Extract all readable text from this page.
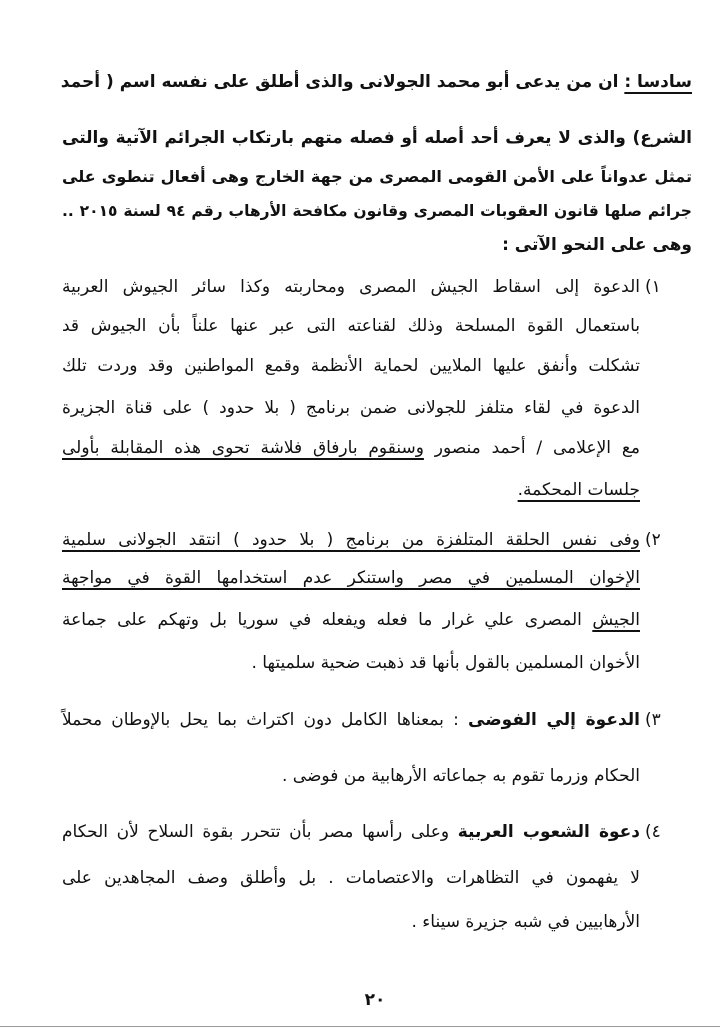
سادسا : ان من يدعى أبو محمد الجولانى والذى أطلق على نفسه اسم ( أحمد
الشرع) والذى لا يعرف أحد أصله أو فصله متهم بارتكاب الجرائم الآتية والتى
تمثل عدواناً على الأمن القومى المصرى من جهة الخارج وهى أفعال تنطوى على
جرائم صلها قانون العقوبات المصرى وقانون مكافحة الأرهاب رقم ٩٤ لسنة ٢٠١٥ ..
وهى على النحو الآتى :
١)
الدعوة إلى اسقاط الجيش المصرى ومحاربته وكذا سائر الجيوش العربية
باستعمال القوة المسلحة وذلك لقناعته التى عبر عنها علناً بأن الجيوش قد
تشكلت وأنفق عليها الملايين لحماية الأنظمة وقمع المواطنين وقد وردت تلك
الدعوة في لقاء متلفز للجولانى ضمن برنامج ( بلا حدود ) على قناة الجزيرة
مع الإعلامى / أحمد منصور وسنقوم بارفاق فلاشة تحوى هذه المقابلة بأولى
جلسات المحكمة.
٢)
وفى نفس الحلقة المتلفزة من برنامج ( بلا حدود ) انتقد الجولانى سلمية
الإخوان المسلمين في مصر واستنكر عدم استخدامها القوة في مواجهة
الجيش المصرى علي غرار ما فعله ويفعله في سوريا بل وتهكم على جماعة
الأخوان المسلمين بالقول بأنها قد ذهبت ضحية سلميتها .
٣)
الدعوة إلي الفوضى : بمعناها الكامل دون اكتراث بما يحل بالإوطان محملاً
الحكام وزرما تقوم به جماعاته الأرهابية من فوضى .
٤)
دعوة الشعوب العربية وعلى رأسها مصر بأن تتحرر بقوة السلاح لأن الحكام
لا يفهمون في التظاهرات والاعتصامات . بل وأطلق وصف المجاهدين على
الأرهابيين في شبه جزيرة سيناء .
٢٠
